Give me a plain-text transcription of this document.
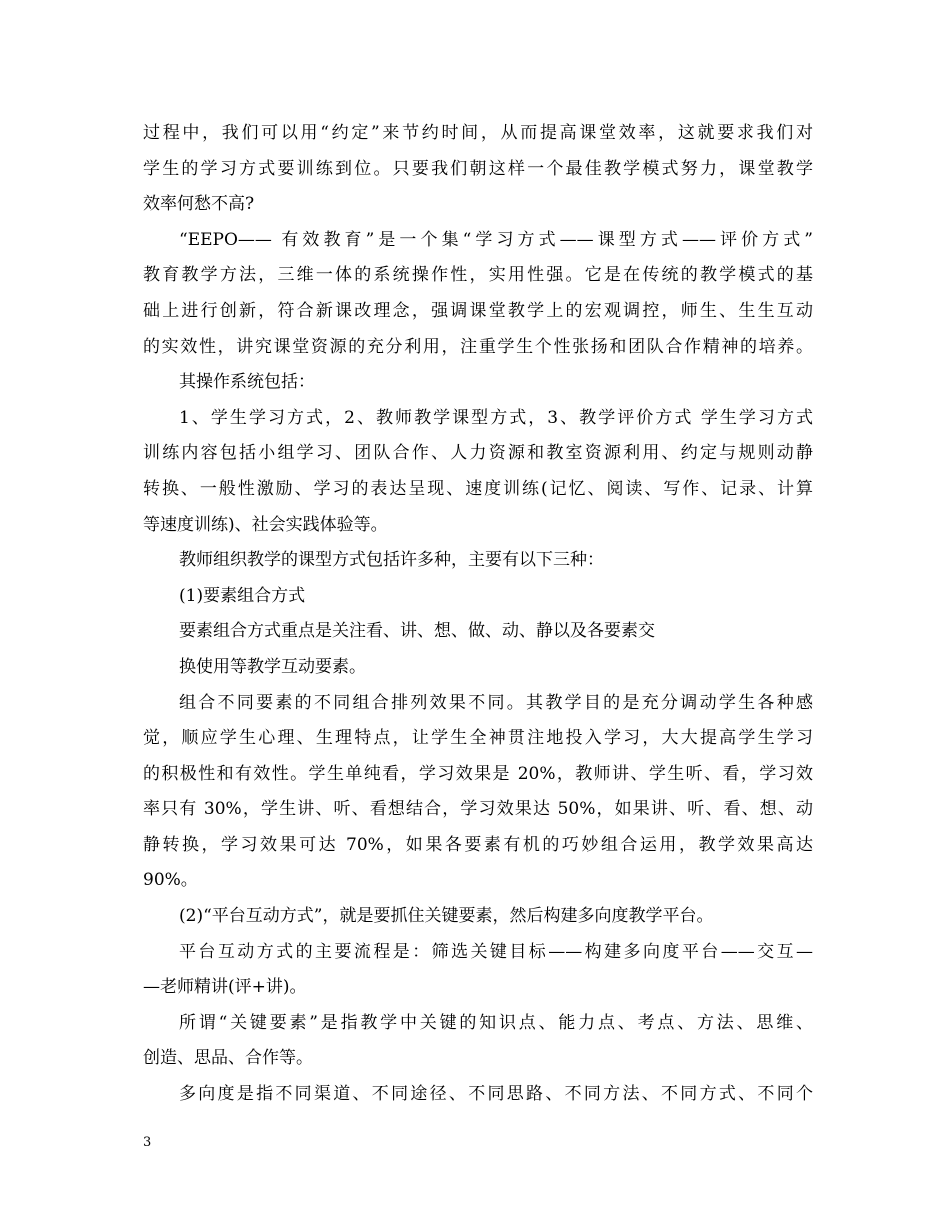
过程中，我们可以用“约定”来节约时间，从而提高课堂效率，这就要求我们对
学生的学习方式要训练到位。只要我们朝这样一个最佳教学模式努力，课堂教学
效率何愁不高?
“EEPO—— 有效教育”是一个集“学习方式——课型方式——评价方式”
教育教学方法，三维一体的系统操作性，实用性强。它是在传统的教学模式的基
础上进行创新，符合新课改理念，强调课堂教学上的宏观调控，师生、生生互动
的实效性，讲究课堂资源的充分利用，注重学生个性张扬和团队合作精神的培养。
其操作系统包括：
1、学生学习方式，2、教师教学课型方式，3、教学评价方式 学生学习方式
训练内容包括小组学习、团队合作、人力资源和教室资源利用、约定与规则动静
转换、一般性激励、学习的表达呈现、速度训练(记忆、阅读、写作、记录、计算
等速度训练)、社会实践体验等。
教师组织教学的课型方式包括许多种，主要有以下三种：
(1)要素组合方式
要素组合方式重点是关注看、讲、想、做、动、静以及各要素交
换使用等教学互动要素。
组合不同要素的不同组合排列效果不同。其教学目的是充分调动学生各种感
觉，顺应学生心理、生理特点，让学生全神贯注地投入学习，大大提高学生学习
的积极性和有效性。学生单纯看，学习效果是 20%，教师讲、学生听、看，学习效
率只有 30%，学生讲、听、看想结合，学习效果达 50%，如果讲、听、看、想、动
静转换，学习效果可达 70%，如果各要素有机的巧妙组合运用，教学效果高达
90%。
(2)“平台互动方式”，就是要抓住关键要素，然后构建多向度教学平台。
平台互动方式的主要流程是：筛选关键目标——构建多向度平台——交互—
—老师精讲(评+讲)。
所谓“关键要素”是指教学中关键的知识点、能力点、考点、方法、思维、
创造、思品、合作等。
多向度是指不同渠道、不同途径、不同思路、不同方法、不同方式、不同个
3
